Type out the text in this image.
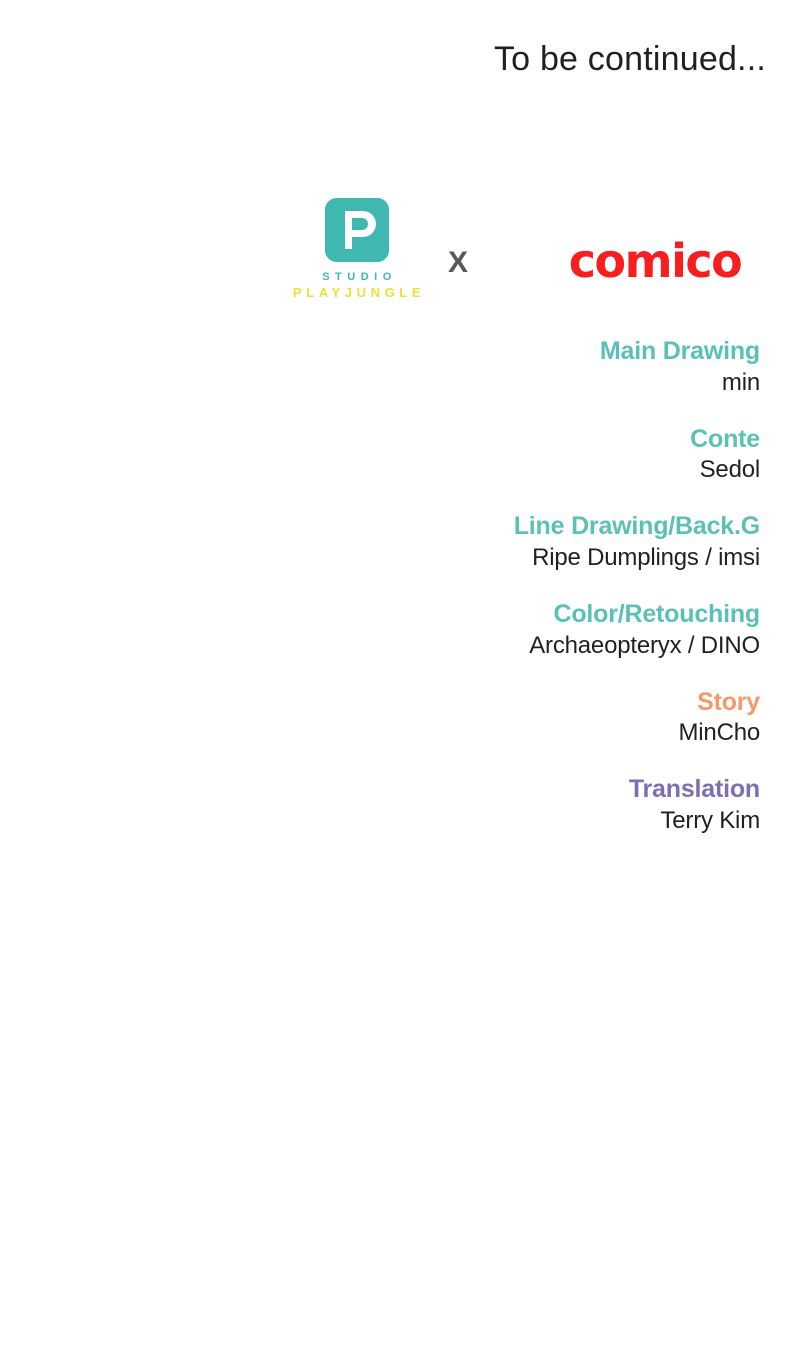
To be continued...
STUDIO
PLAYJUNGLE
X	comico
Main Drawing
min
Conte
Sedol
Line Drawing/Back.G
Ripe Dumplings / imsi
Color/Retouching
Archaeopteryx / DINO
Story
MinCho
Translation
Terry Kim
